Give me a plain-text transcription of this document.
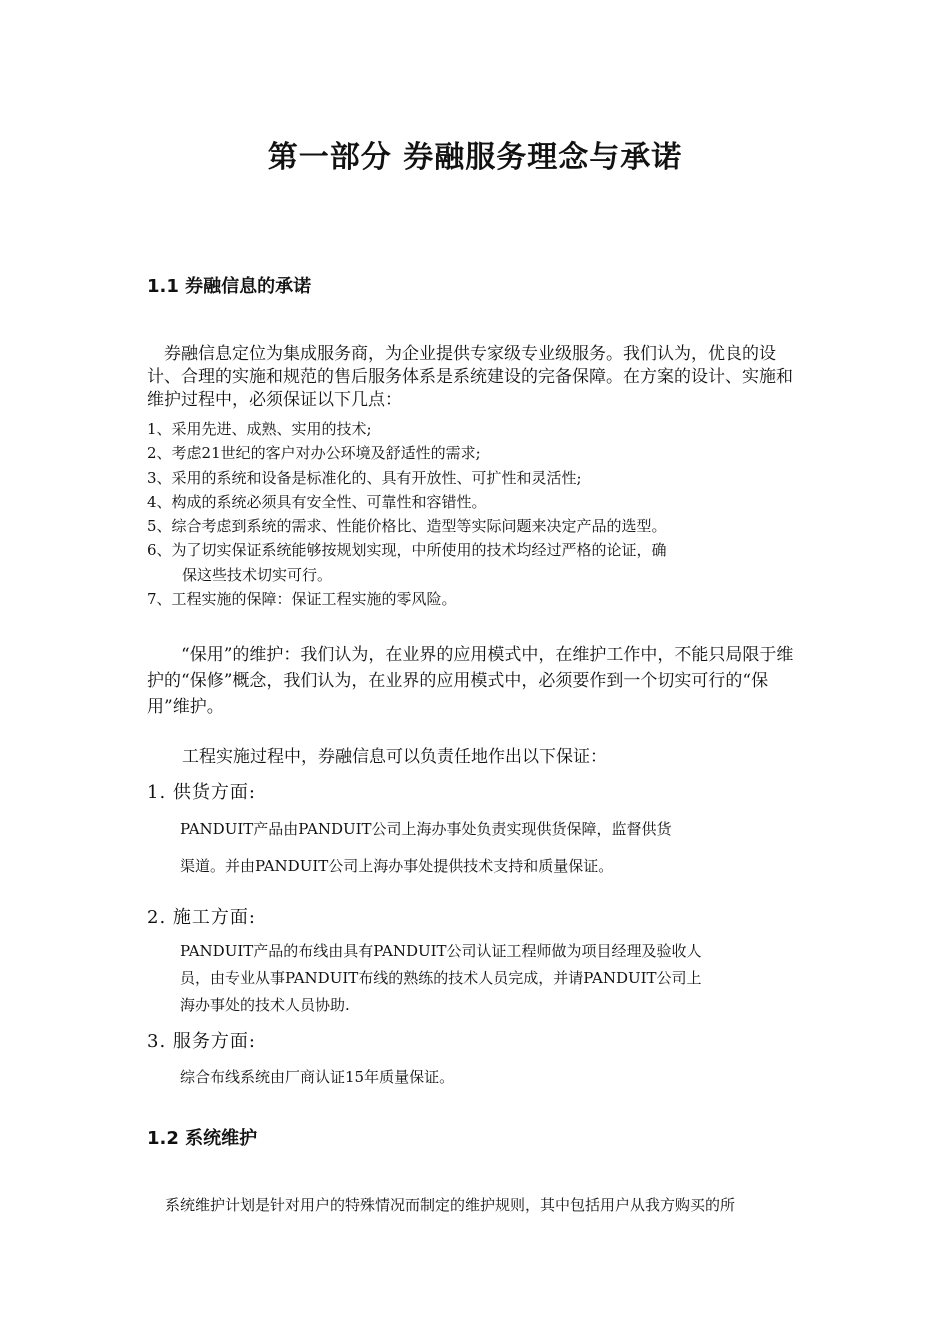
第一部分 券融服务理念与承诺
1.1 券融信息的承诺
券融信息定位为集成服务商，为企业提供专家级专业级服务。我们认为，优良的设计、合理的实施和规范的售后服务体系是系统建设的完备保障。在方案的设计、实施和维护过程中，必须保证以下几点：
1、采用先进、成熟、实用的技术;
2、考虑21世纪的客户对办公环境及舒适性的需求;
3、采用的系统和设备是标准化的、具有开放性、可扩性和灵活性;
4、构成的系统必须具有安全性、可靠性和容错性。
5、综合考虑到系统的需求、性能价格比、造型等实际问题来决定产品的选型。
6、为了切实保证系统能够按规划实现，中所使用的技术均经过严格的论证，确
保这些技术切实可行。
7、工程实施的保障：保证工程实施的零风险。
“保用”的维护：我们认为，在业界的应用模式中，在维护工作中，不能只局限于维护的“保修”概念，我们认为，在业界的应用模式中，必须要作到一个切实可行的“保用”维护。
工程实施过程中，券融信息可以负责任地作出以下保证：
1. 供货方面:
PANDUIT产品由PANDUIT公司上海办事处负责实现供货保障，监督供货
渠道。并由PANDUIT公司上海办事处提供技术支持和质量保证。
2. 施工方面:
PANDUIT产品的布线由具有PANDUIT公司认证工程师做为项目经理及验收人
员，由专业从事PANDUIT布线的熟练的技术人员完成，并请PANDUIT公司上
海办事处的技术人员协助.
3. 服务方面:
综合布线系统由厂商认证15年质量保证。
1.2 系统维护
系统维护计划是针对用户的特殊情况而制定的维护规则，其中包括用户从我方购买的所
